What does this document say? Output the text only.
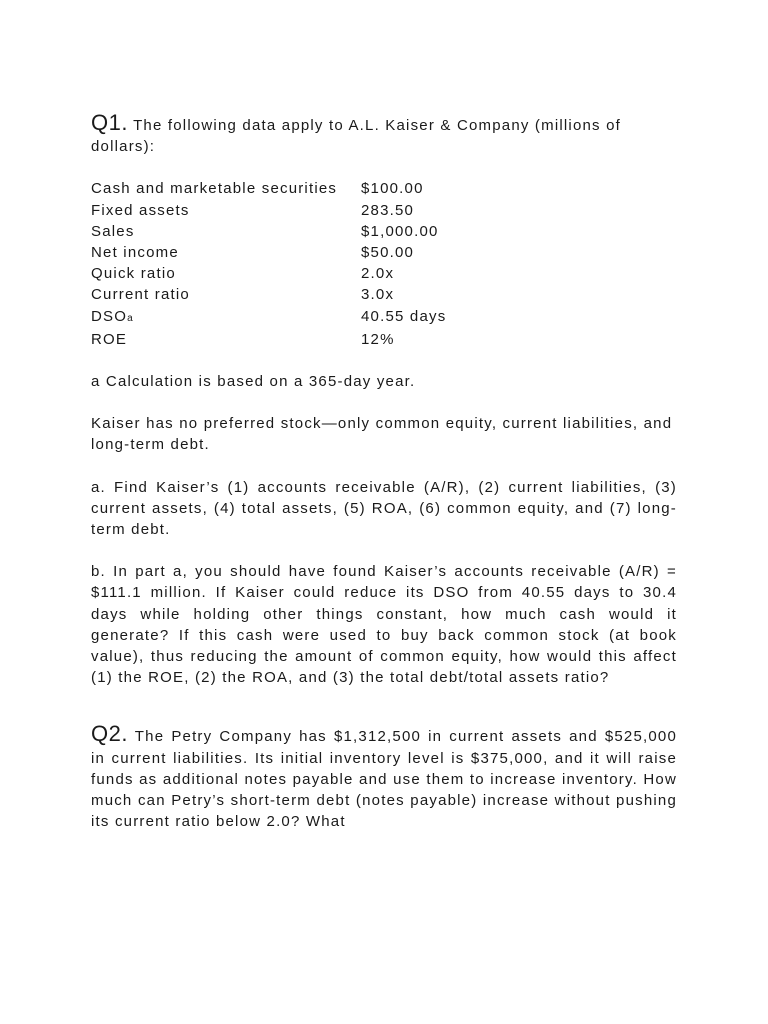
Q1. The following data apply to A.L. Kaiser & Company (millions of dollars):

Cash and marketable securities	$100.00
Fixed assets	283.50
Sales	$1,000.00
Net income	$50.00
Quick ratio	2.0x
Current ratio	3.0x
DSOa	40.55 days
ROE	12%

a Calculation is based on a 365-day year.

Kaiser has no preferred stock—only common equity, current liabilities, and long-term debt.

a. Find Kaiser’s (1) accounts receivable (A/R), (2) current liabilities, (3) current assets, (4) total assets, (5) ROA, (6) common equity, and (7) long-term debt.

b. In part a, you should have found Kaiser’s accounts receivable (A/R) = $111.1 million. If Kaiser could reduce its DSO from 40.55 days to 30.4 days while holding other things constant, how much cash would it generate? If this cash were used to buy back common stock (at book value), thus reducing the amount of common equity, how would this affect (1) the ROE, (2) the ROA, and (3) the total debt/total assets ratio?

Q2. The Petry Company has $1,312,500 in current assets and $525,000 in current liabilities. Its initial inventory level is $375,000, and it will raise funds as additional notes payable and use them to increase inventory. How much can Petry’s short-term debt (notes payable) increase without pushing its current ratio below 2.0? What
